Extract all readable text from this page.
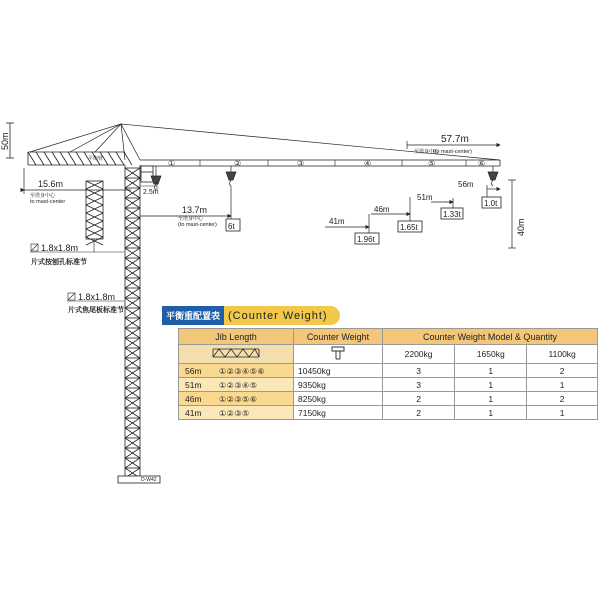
50m
D-W42
①	②	③	④	⑤	⑥
平衡臂
57.7m
至塔身中心
(to mast-center)
15.6m
至塔身中心
to mast-center
2.5m
13.7m
至塔身中心
(to mast-center) 6t
56m
1.0t
51m
1.33t
46m
1.65t
41m
1.96t
40m
1.8x1.8m
片式按刨孔标准节
1.8x1.8m
片式焦尾板标准节
平衡重配置表 (Counter Weight)
Jib Length	Counter Weight	Counter Weight Model & Quantity		
		2200kg	1650kg	1100kg
56m ①②③④⑤⑥	10450kg	3	1	2
51m ①②③④⑤	9350kg	3	1	1
46m ①②③⑤⑥	8250kg	2	1	2
41m ①②③⑤	7150kg	2	1	1
